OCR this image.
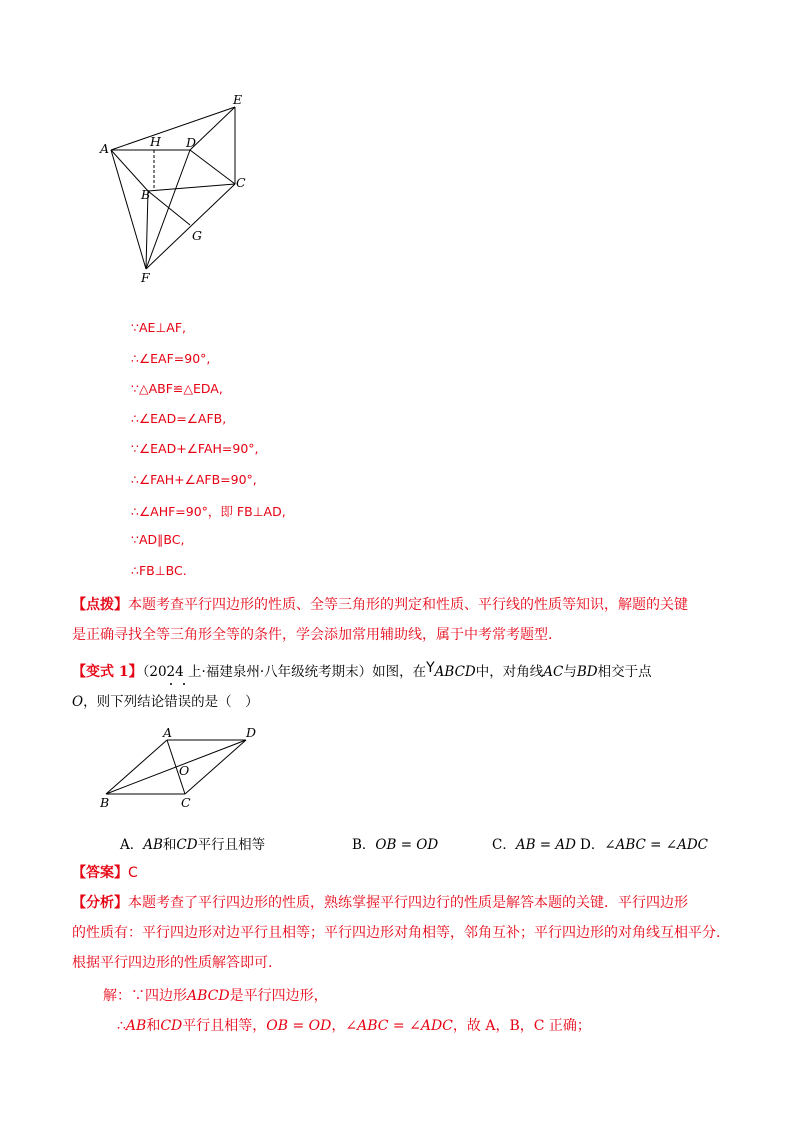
A
E
H D
B
C
G
F
∵AE⊥AF,
∴∠EAF=90°,
∵△ABF≌△EDA,
∴∠EAD=∠AFB,
∵∠EAD+∠FAH=90°,
∴∠FAH+∠AFB=90°,
∴∠AHF=90°，即 FB⊥AD,
∵AD∥BC,
∴FB⊥BC.
【点拨】本题考查平行四边形的性质、全等三角形的判定和性质、平行线的性质等知识，解题的关键
是正确寻找全等三角形全等的条件，学会添加常用辅助线，属于中考常考题型.
【变式 1】（2024 上·福建泉州·八年级统考期末）如图，在YABCD中，对角线AC与BD相交于点
O，则下列结论错误的是（　）
A	D
O
B	C
A．AB和CD平行且相等	B．OB = OD	C．AB = AD D．∠ABC = ∠ADC
【答案】C
【分析】本题考查了平行四边形的性质，熟练掌握平行四边行的性质是解答本题的关键．平行四边形
的性质有：平行四边形对边平行且相等；平行四边形对角相等，邻角互补；平行四边形的对角线互相平分.
根据平行四边形的性质解答即可.
解：∵四边形ABCD是平行四边形，
∴AB和CD平行且相等，OB = OD，∠ABC = ∠ADC，故 A，B，C 正确；
